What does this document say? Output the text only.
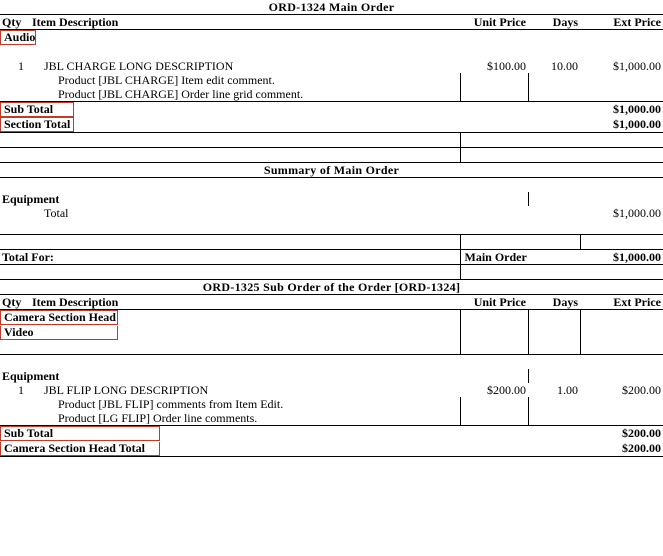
ORD-1324 Main Order				
Qty	Item Description	Unit Price	Days	Ext Price
Audio				

1	JBL CHARGE LONG DESCRIPTION	$100.00	10.00	$1,000.00
	Product [JBL CHARGE] Item edit comment.			
	Product [JBL CHARGE] Order line grid comment.			
Sub Total				$1,000.00
Section Total				$1,000.00

Summary of Main Order				

Equipment				
	Total			$1,000.00

Total For:		Main Order		$1,000.00

ORD-1325 Sub Order of the Order [ORD-1324]				
Qty	Item Description	Unit Price	Days	Ext Price
Camera Section Head				
Video				

Equipment				
1	JBL FLIP LONG DESCRIPTION	$200.00	1.00	$200.00
	Product [JBL FLIP] comments from Item Edit.			
	Product [LG FLIP] Order line comments.			
Sub Total				$200.00
Camera Section Head Total				$200.00
